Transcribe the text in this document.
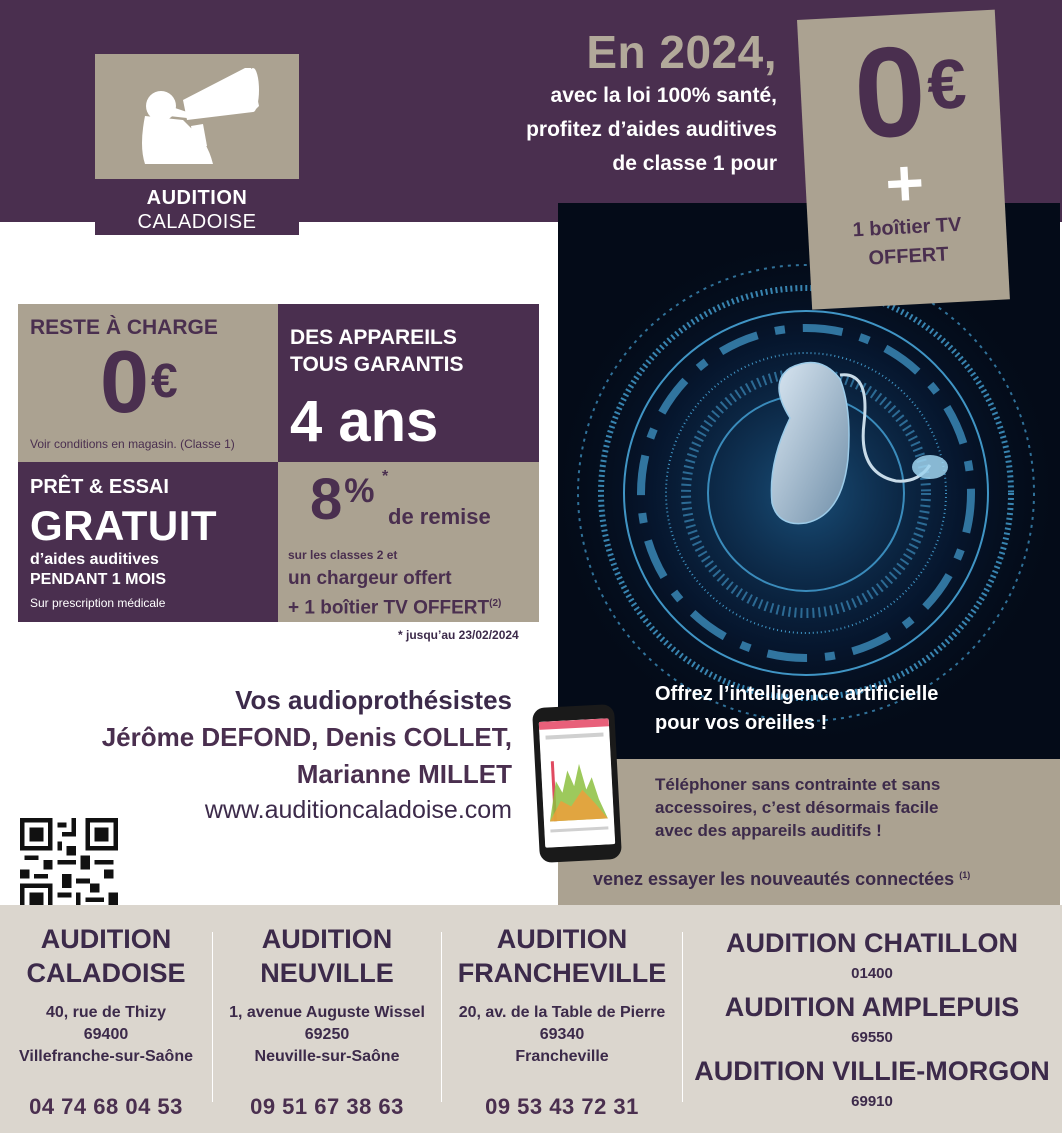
AUDITION
CALADOISE
En 2024,
avec la loi 100% santé,
profitez d’aides auditives
de classe 1 pour 0
€
+
1 boîtier TV
OFFERT
Offrez l’intelligence artificielle
pour vos oreilles !
Téléphoner sans contrainte et sans
accessoires, c’est désormais facile
avec des appareils auditifs !
venez essayer les nouveautés connectées $^{(1)}$
RESTE À CHARGE
0 €
Voir conditions en magasin. (Classe 1)
DES APPAREILS
TOUS GARANTIS
4 ans
PRÊT & ESSAI
GRATUIT
d’aides auditives
PENDANT 1 MOIS
Sur prescription médicale
8 % *
de remise
sur les classes 2 et
un chargeur offert
+ 1 boîtier TV OFFERT$^{(2)}$
* jusqu’au 23/02/2024
Vos audioprothésistes
Jérôme DEFOND, Denis COLLET,
Marianne MILLET
www.auditioncaladoise.com
AUDITION
CALADOISE
40, rue de Thizy
69400
Villefranche-sur-Saône
04 74 68 04 53
AUDITION
NEUVILLE
1, avenue Auguste Wissel
69250
Neuville-sur-Saône
09 51 67 38 63
AUDITION
FRANCHEVILLE
20, av. de la Table de Pierre
69340
Francheville
09 53 43 72 31
AUDITION CHATILLON
01400
AUDITION AMPLEPUIS
69550
AUDITION VILLIE-MORGON
69910
